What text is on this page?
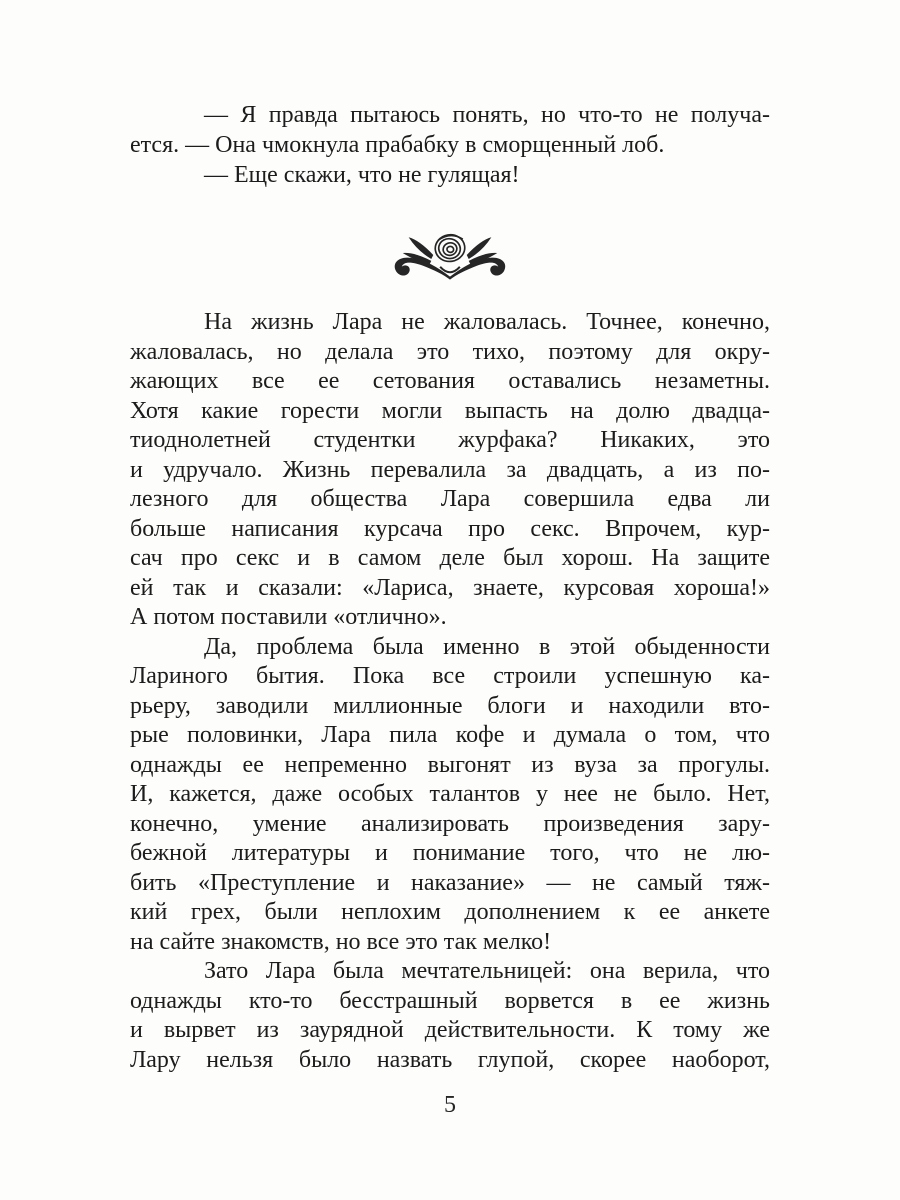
— Я правда пытаюсь понять, но что-то не получа-
ется. — Она чмокнула прабабку в сморщенный лоб.
— Еще скажи, что не гулящая!
На жизнь Лара не жаловалась. Точнее, конечно,
жаловалась, но делала это тихо, поэтому для окру-
жающих все ее сетования оставались незаметны.
Хотя какие горести могли выпасть на долю двадца-
тиоднолетней студентки журфака? Никаких, это
и удручало. Жизнь перевалила за двадцать, а из по-
лезного для общества Лара совершила едва ли
больше написания курсача про секс. Впрочем, кур-
сач про секс и в самом деле был хорош. На защите
ей так и сказали: «Лариса, знаете, курсовая хороша!»
А потом поставили «отлично».
Да, проблема была именно в этой обыденности
Лариного бытия. Пока все строили успешную ка-
рьеру, заводили миллионные блоги и находили вто-
рые половинки, Лара пила кофе и думала о том, что
однажды ее непременно выгонят из вуза за прогулы.
И, кажется, даже особых талантов у нее не было. Нет,
конечно, умение анализировать произведения зару-
бежной литературы и понимание того, что не лю-
бить «Преступление и наказание» — не самый тяж-
кий грех, были неплохим дополнением к ее анкете
на сайте знакомств, но все это так мелко!
Зато Лара была мечтательницей: она верила, что
однажды кто-то бесстрашный ворвется в ее жизнь
и вырвет из заурядной действительности. К тому же
Лару нельзя было назвать глупой, скорее наоборот,
5
